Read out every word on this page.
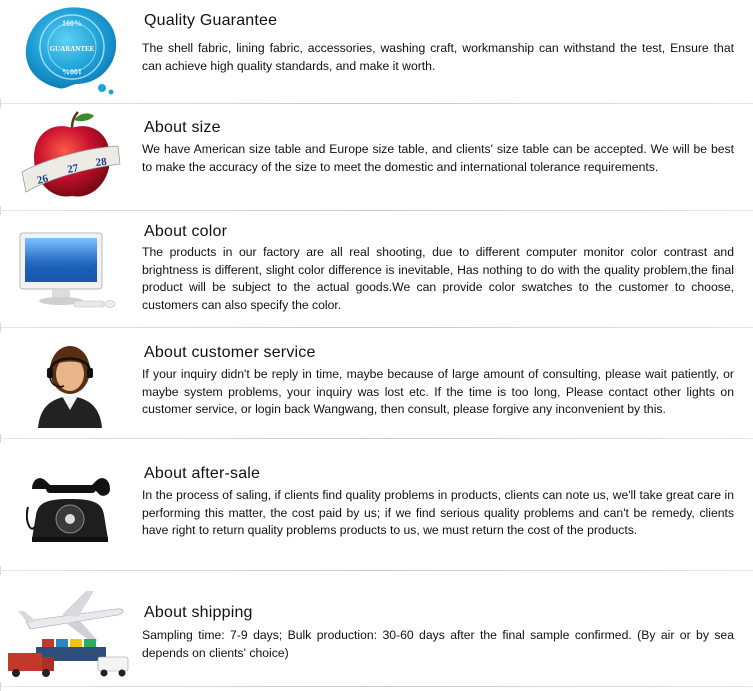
100%
GUARANTEE
100%
Quality Guarantee
The shell fabric, lining fabric, accessories, washing craft, workmanship can withstand the test, Ensure that can achieve high quality standards, and make it worth.
26
27 28
About size
We have American size table and Europe size table, and clients' size table can be accepted. We will be best to make the accuracy of the size to meet the domestic and international tolerance requirements.
About color
The products in our factory are all real shooting, due to different computer monitor color contrast and brightness is different, slight color difference is inevitable, Has nothing to do with the quality problem,the final product will be subject to the actual goods.We can provide color swatches to the customer to choose, customers can also specify the color.
About customer service
If your inquiry didn't be reply in time, maybe because of large amount of consulting, please wait patiently, or maybe system problems, your inquiry was lost etc. If the time is too long, Please contact other lights on customer service, or login back Wangwang, then consult, please forgive any inconvenient by this.
About after-sale
In the process of saling, if clients find quality problems in products, clients can note us, we'll take great care in performing this matter, the cost paid by us; if we find serious quality problems and can't be remedy, clients have right to return quality problems products to us, we must return the cost of the products.
About shipping
Sampling time: 7-9 days; Bulk production: 30-60 days after the final sample confirmed. (By air or by sea depends on clients' choice)
